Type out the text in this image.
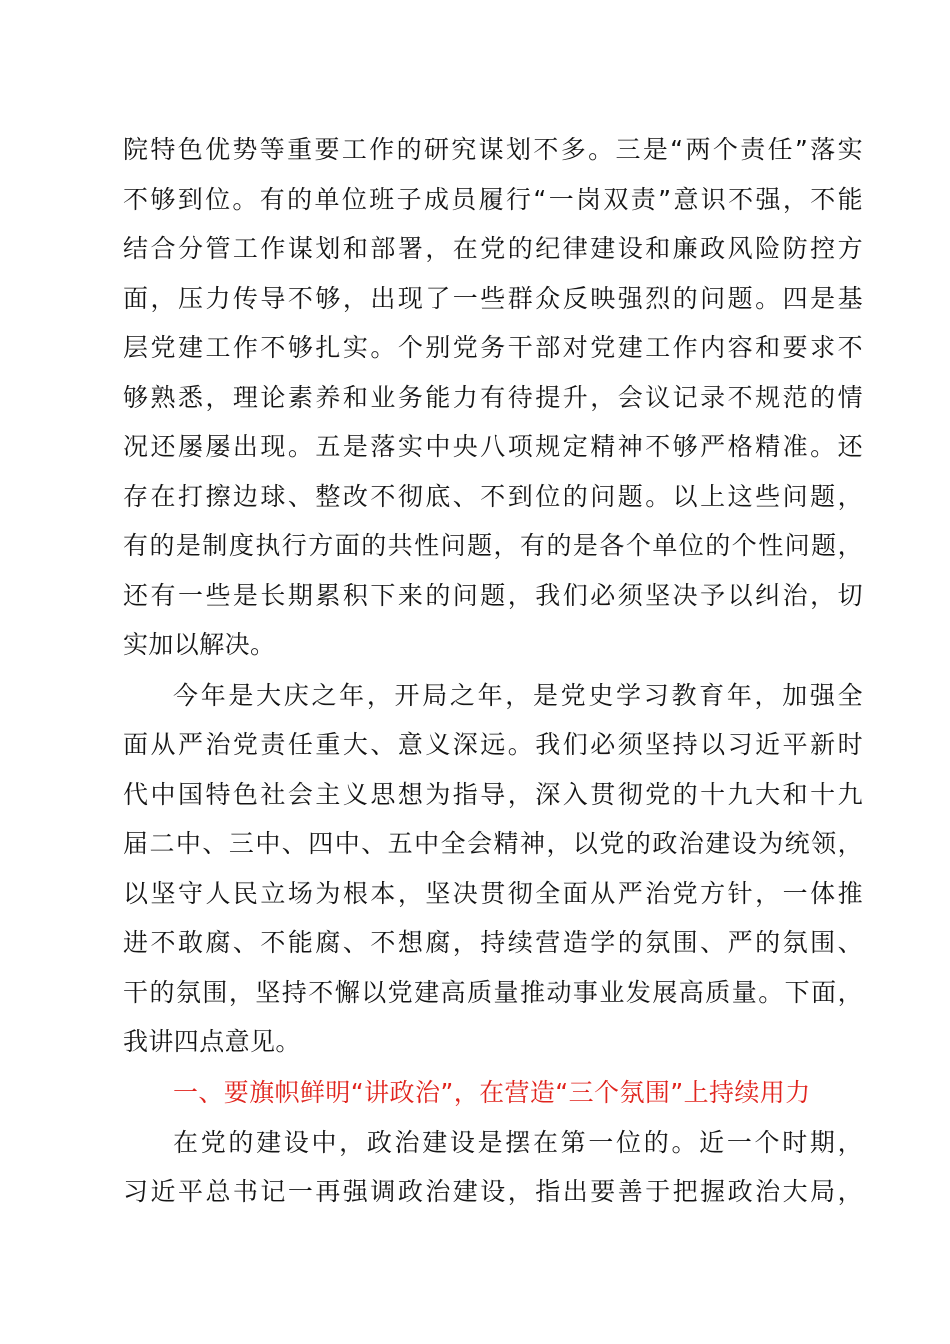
院特色优势等重要工作的研究谋划不多。三是“两个责任”落实
不够到位。有的单位班子成员履行“一岗双责”意识不强，不能
结合分管工作谋划和部署，在党的纪律建设和廉政风险防控方
面，压力传导不够，出现了一些群众反映强烈的问题。四是基
层党建工作不够扎实。个别党务干部对党建工作内容和要求不
够熟悉，理论素养和业务能力有待提升，会议记录不规范的情
况还屡屡出现。五是落实中央八项规定精神不够严格精准。还
存在打擦边球、整改不彻底、不到位的问题。以上这些问题，
有的是制度执行方面的共性问题，有的是各个单位的个性问题，
还有一些是长期累积下来的问题，我们必须坚决予以纠治，切
实加以解决。
今年是大庆之年，开局之年，是党史学习教育年，加强全
面从严治党责任重大、意义深远。我们必须坚持以习近平新时
代中国特色社会主义思想为指导，深入贯彻党的十九大和十九
届二中、三中、四中、五中全会精神，以党的政治建设为统领，
以坚守人民立场为根本，坚决贯彻全面从严治党方针，一体推
进不敢腐、不能腐、不想腐，持续营造学的氛围、严的氛围、
干的氛围，坚持不懈以党建高质量推动事业发展高质量。下面，
我讲四点意见。
一、要旗帜鲜明“讲政治”，在营造“三个氛围”上持续用力
在党的建设中，政治建设是摆在第一位的。近一个时期，
习近平总书记一再强调政治建设，指出要善于把握政治大局，
